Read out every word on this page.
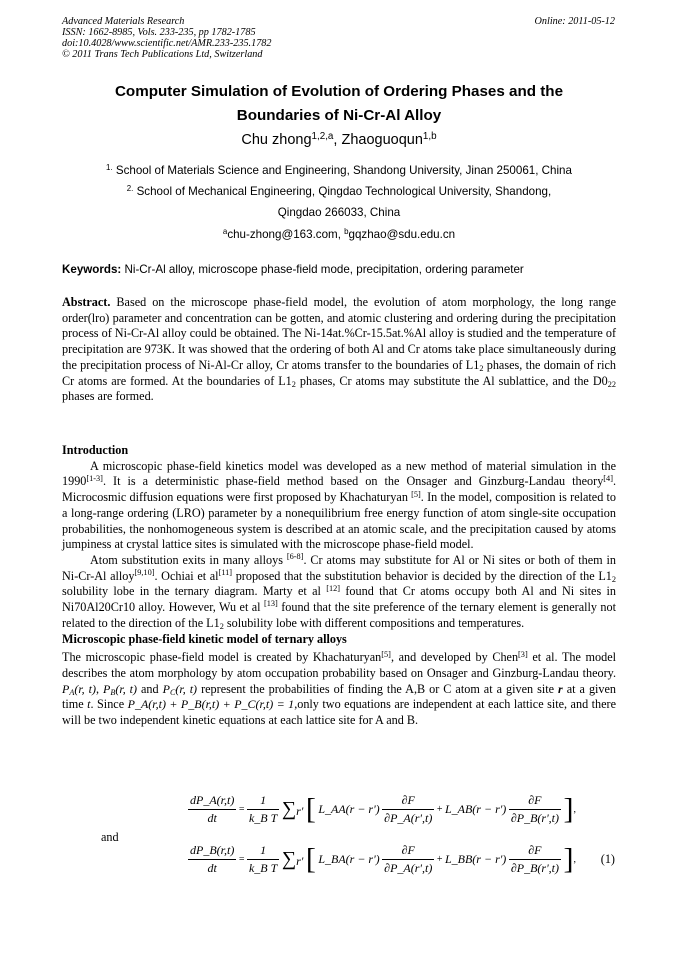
Advanced Materials Research
ISSN: 1662-8985, Vols. 233-235, pp 1782-1785
doi:10.4028/www.scientific.net/AMR.233-235.1782
© 2011 Trans Tech Publications Ltd, Switzerland
Online: 2011-05-12
Computer Simulation of Evolution of Ordering Phases and the
Boundaries of Ni-Cr-Al Alloy
Chu zhong$^{1,2,a}$, Zhaoguoqun$^{1,b}$
$^{1.}$ School of Materials Science and Engineering, Shandong University, Jinan 250061, China
$^{2.}$ School of Mechanical Engineering, Qingdao Technological University, Shandong,
Qingdao 266033, China
$^a$chu-zhong@163.com, $^b$gqzhao@sdu.edu.cn
Keywords: Ni-Cr-Al alloy, microscope phase-field mode, precipitation, ordering parameter

Abstract. Based on the microscope phase-field model, the evolution of atom morphology, the long range order(lro) parameter and concentration can be gotten, and atomic clustering and ordering during the precipitation process of Ni-Cr-Al alloy could be obtained. The Ni-14at.%Cr-15.5at.%Al alloy is studied and the temperature of precipitation are 973K. It was showed that the ordering of both Al and Cr atoms take place simultaneously during the precipitation process of Ni-Al-Cr alloy, Cr atoms transfer to the boundaries of $L1_2$ phases, the domain of rich Cr atoms are formed. At the boundaries of $L1_2$ phases, Cr atoms may substitute the Al sublattice, and the $D0_{22}$ phases are formed.

Introduction

A microscopic phase-field kinetics model was developed as a new method of material simulation in the 1990[1-3]. It is a deterministic phase-field method based on the Onsager and Ginzburg-Landau theory[4]. Microcosmic diffusion equations were first proposed by Khachaturyan [5]. In the model, composition is related to a long-range ordering (LRO) parameter by a nonequilibrium free energy function of atom single-site occupation probabilities, the nonhomogeneous system is described at an atomic scale, and the precipitation caused by atoms jumpiness at crystal lattice sites is simulated with the microscope phase-field model.

Atom substitution exits in many alloys [6-8]. Cr atoms may substitute for Al or Ni sites or both of them in Ni-Cr-Al alloy[9,10]. Ochiai et al[11] proposed that the substitution behavior is decided by the direction of the $L1_2$ solubility lobe in the ternary diagram. Marty et al [12] found that Cr atoms occupy both Al and Ni sites in Ni70Al20Cr10 alloy. However, Wu et al [13] found that the site preference of the ternary element is generally not related to the direction of the $L1_2$ solubility lobe with different compositions and temperatures.

Microscopic phase-field kinetic model of ternary alloys

The microscopic phase-field model is created by Khachaturyan[5], and developed by Chen[3] et al. The model describes the atom morphology by atom occupation probability based on Onsager and Ginzburg-Landau theory. $P_A(r$, t), $P_B(r$, t) and $P_C(r$, t) represent the probabilities of finding the A,B or C atom at a given site r at a given time t. Since P_A(r,t) + P_B(r,t) + P_C(r,t) = 1,only two equations are independent at each lattice site, and there will be two independent kinetic equations at each lattice site for A and B.

$\frac{dP\_A(r,t)}{dt} = \frac{1}{\text{k\_B T}} \sum_{r'}$ [ L_AA(r − $r') \frac{\partial F}{\partial P\_A(r',t)}$ + L_AB(r − $r') \frac{\partial F}{\partial P\_B(r',t)}$ ],
and
$\frac{dP\_B(r,t)}{dt} = \frac{1}{\text{k\_B T}} \sum_{r'}$ [ L_BA(r − $r') \frac{\partial F}{\partial P\_A(r',t)}$ + L_BB(r − $r') \frac{\partial F}{\partial P\_B(r',t)}$ ], (1)
